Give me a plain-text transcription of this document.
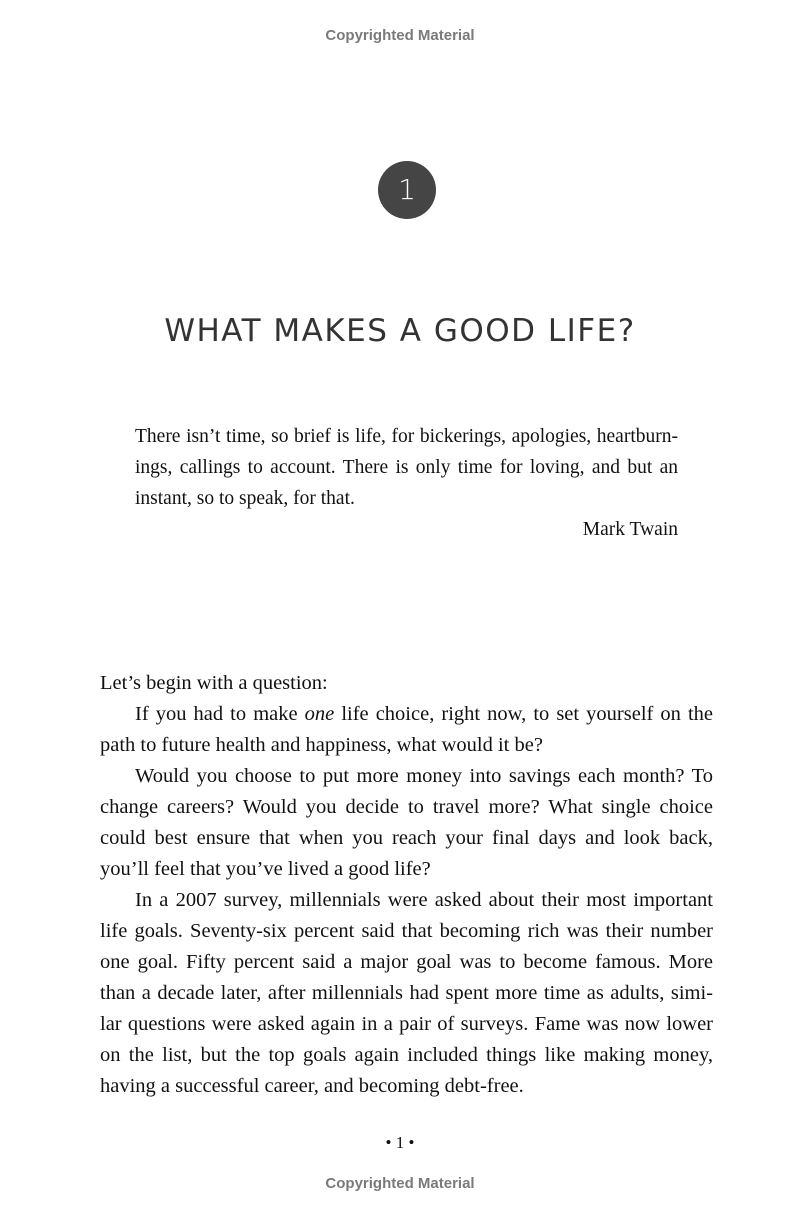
Copyrighted Material
1
WHAT MAKES A GOOD LIFE?
There isn’t time, so brief is life, for bickerings, apologies, heartburn-
ings, callings to account. There is only time for loving, and but an
instant, so to speak, for that.
Mark Twain
Let’s begin with a question:
If you had to make one life choice, right now, to set yourself on the
path to future health and happiness, what would it be?
Would you choose to put more money into savings each month? To
change careers? Would you decide to travel more? What single choice
could best ensure that when you reach your final days and look back,
you’ll feel that you’ve lived a good life?
In a 2007 survey, millennials were asked about their most important
life goals. Seventy-six percent said that becoming rich was their number
one goal. Fifty percent said a major goal was to become famous. More
than a decade later, after millennials had spent more time as adults, simi-
lar questions were asked again in a pair of surveys. Fame was now lower
on the list, but the top goals again included things like making money,
having a successful career, and becoming debt-free.
• 1 •
Copyrighted Material
